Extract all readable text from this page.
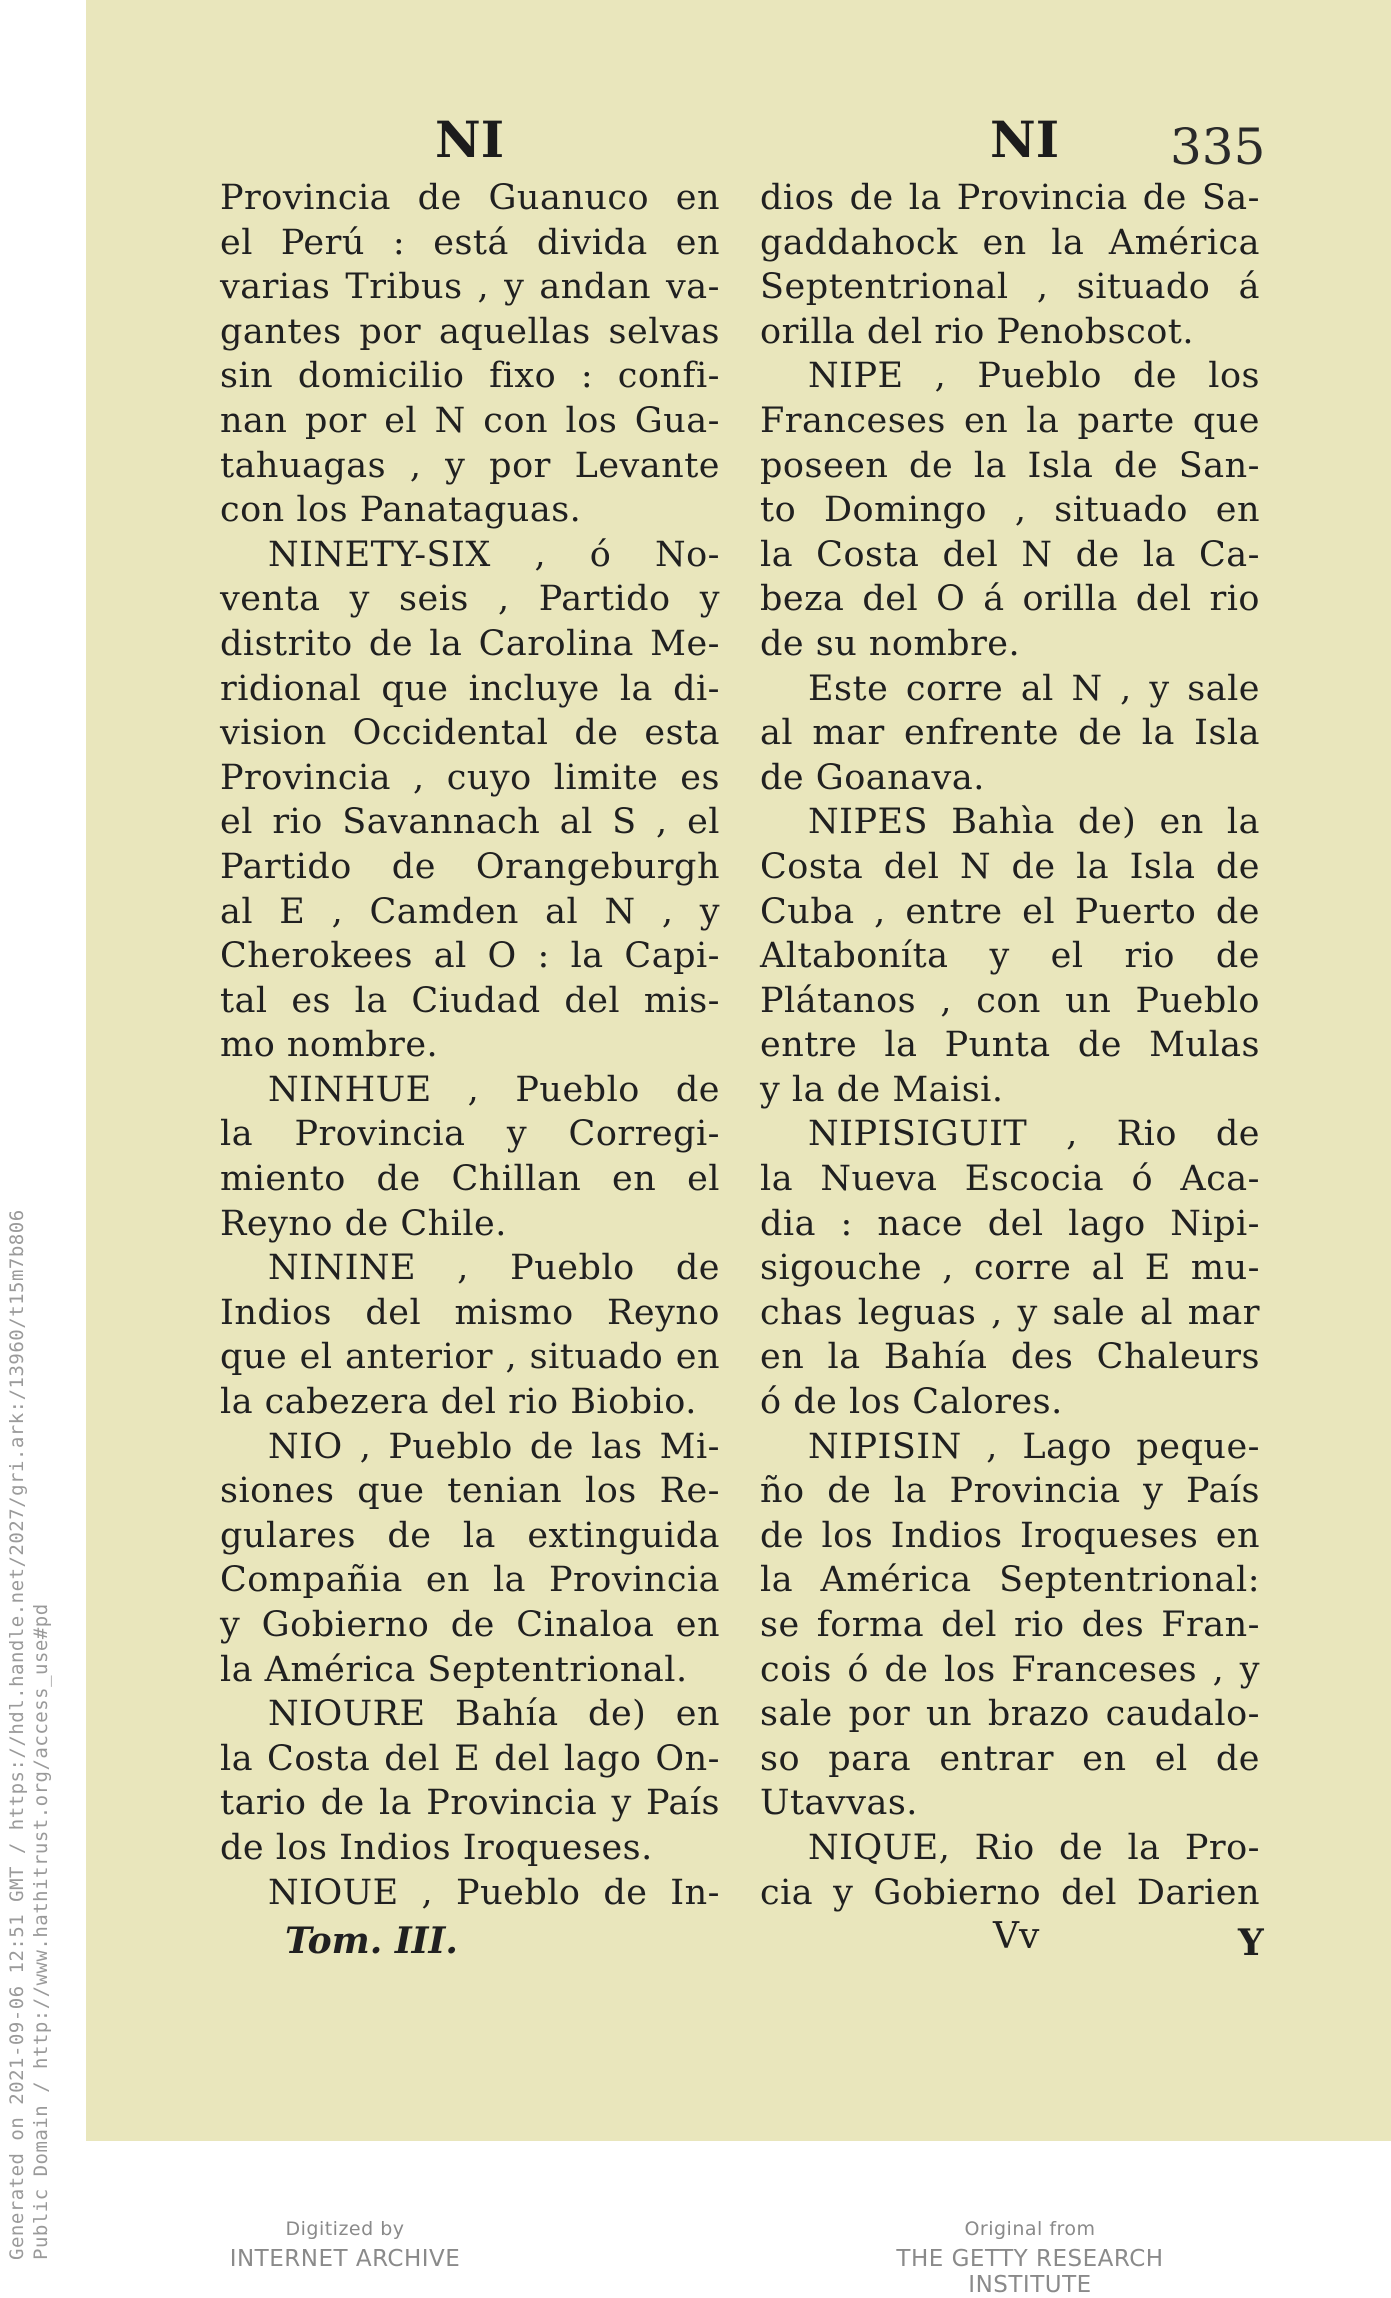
Generated on 2021-09-06 12:51 GMT / https://hdl.handle.net/2027/gri.ark:/13960/t15m7b806 Public Domain / http://www.hathitrust.org/access_use#pd
NI	NI 335
Provincia de Guanuco en
el Perú : está divida en
varias Tribus , y andan va-
gantes por aquellas selvas
sin domicilio fixo : confi-
nan por el N con los Gua-
tahuagas , y por Levante
con los Panataguas.
NINETY-SIX , ó No-
venta y seis , Partido y
distrito de la Carolina Me-
ridional que incluye la di-
vision Occidental de esta
Provincia , cuyo limite es
el rio Savannach al S , el
Partido de Orangeburgh
al E , Camden al N , y
Cherokees al O : la Capi-
tal es la Ciudad del mis-
mo nombre.
NINHUE , Pueblo de
la Provincia y Corregi-
miento de Chillan en el
Reyno de Chile.
NININE , Pueblo de
Indios del mismo Reyno
que el anterior , situado en
la cabezera del rio Biobio.
NIO , Pueblo de las Mi-
siones que tenian los Re-
gulares de la extinguida
Compañia en la Provincia
y Gobierno de Cinaloa en
la América Septentrional.
NIOURE Bahía de) en
la Costa del E del lago On-
tario de la Provincia y País
de los Indios Iroqueses.
NIOUE , Pueblo de In-
dios de la Provincia de Sa-
gaddahock en la América
Septentrional , situado á
orilla del rio Penobscot.
NIPE , Pueblo de los
Franceses en la parte que
poseen de la Isla de San-
to Domingo , situado en
la Costa del N de la Ca-
beza del O á orilla del rio
de su nombre.
Este corre al N , y sale
al mar enfrente de la Isla
de Goanava.
NIPES Bahìa de) en la
Costa del N de la Isla de
Cuba , entre el Puerto de
Altaboníta y el rio de
Plátanos , con un Pueblo
entre la Punta de Mulas
y la de Maisi.
NIPISIGUIT , Rio de
la Nueva Escocia ó Aca-
dia : nace del lago Nipi-
sigouche , corre al E mu-
chas leguas , y sale al mar
en la Bahía des Chaleurs
ó de los Calores.
NIPISIN , Lago peque-
ño de la Provincia y País
de los Indios Iroqueses en
la América Septentrional:
se forma del rio des Fran-
cois ó de los Franceses , y
sale por un brazo caudalo-
so para entrar en el de
Utavvas.
NIQUE, Rio de la Pro-
cia y Gobierno del Darien
Tom. III.	Vv	Y
Digitized by
INTERNET ARCHIVE
Original from
THE GETTY RESEARCH INSTITUTE
